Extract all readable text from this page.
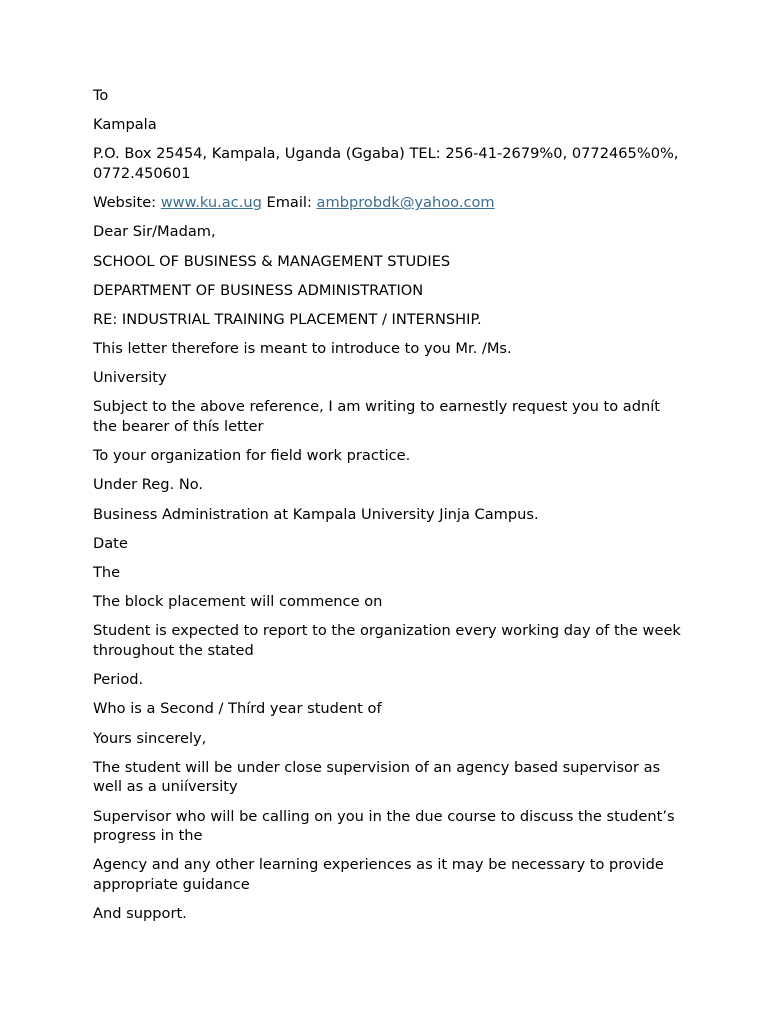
To

Kampala

P.O. Box 25454, Kampala, Uganda (Ggaba) TEL: 256-41-2679%0, 0772465%0%, 0772.450601

Website: www.ku.ac.ug Email: ambprobdk@yahoo.com

Dear Sir/Madam,

SCHOOL OF BUSINESS & MANAGEMENT STUDIES

DEPARTMENT OF BUSINESS ADMINISTRATION

RE: INDUSTRIAL TRAINING PLACEMENT / INTERNSHIP.

This letter therefore is meant to introduce to you Mr. /Ms.

University

Subject to the above reference, I am writing to earnestly request you to adnít the bearer of thís letter

To your organization for field work practice.

Under Reg. No.

Business Administration at Kampala University Jinja Campus.

Date

The

The block placement will commence on

Student is expected to report to the organization every working day of the week throughout the stated

Period.

Who is a Second / Thírd year student of

Yours sincerely,

The student will be under close supervision of an agency based supervisor as well as a uniíversity

Supervisor who will be calling on you in the due course to discuss the student’s progress in the

Agency and any other learning experiences as it may be necessary to provide appropriate guidance

And support.
